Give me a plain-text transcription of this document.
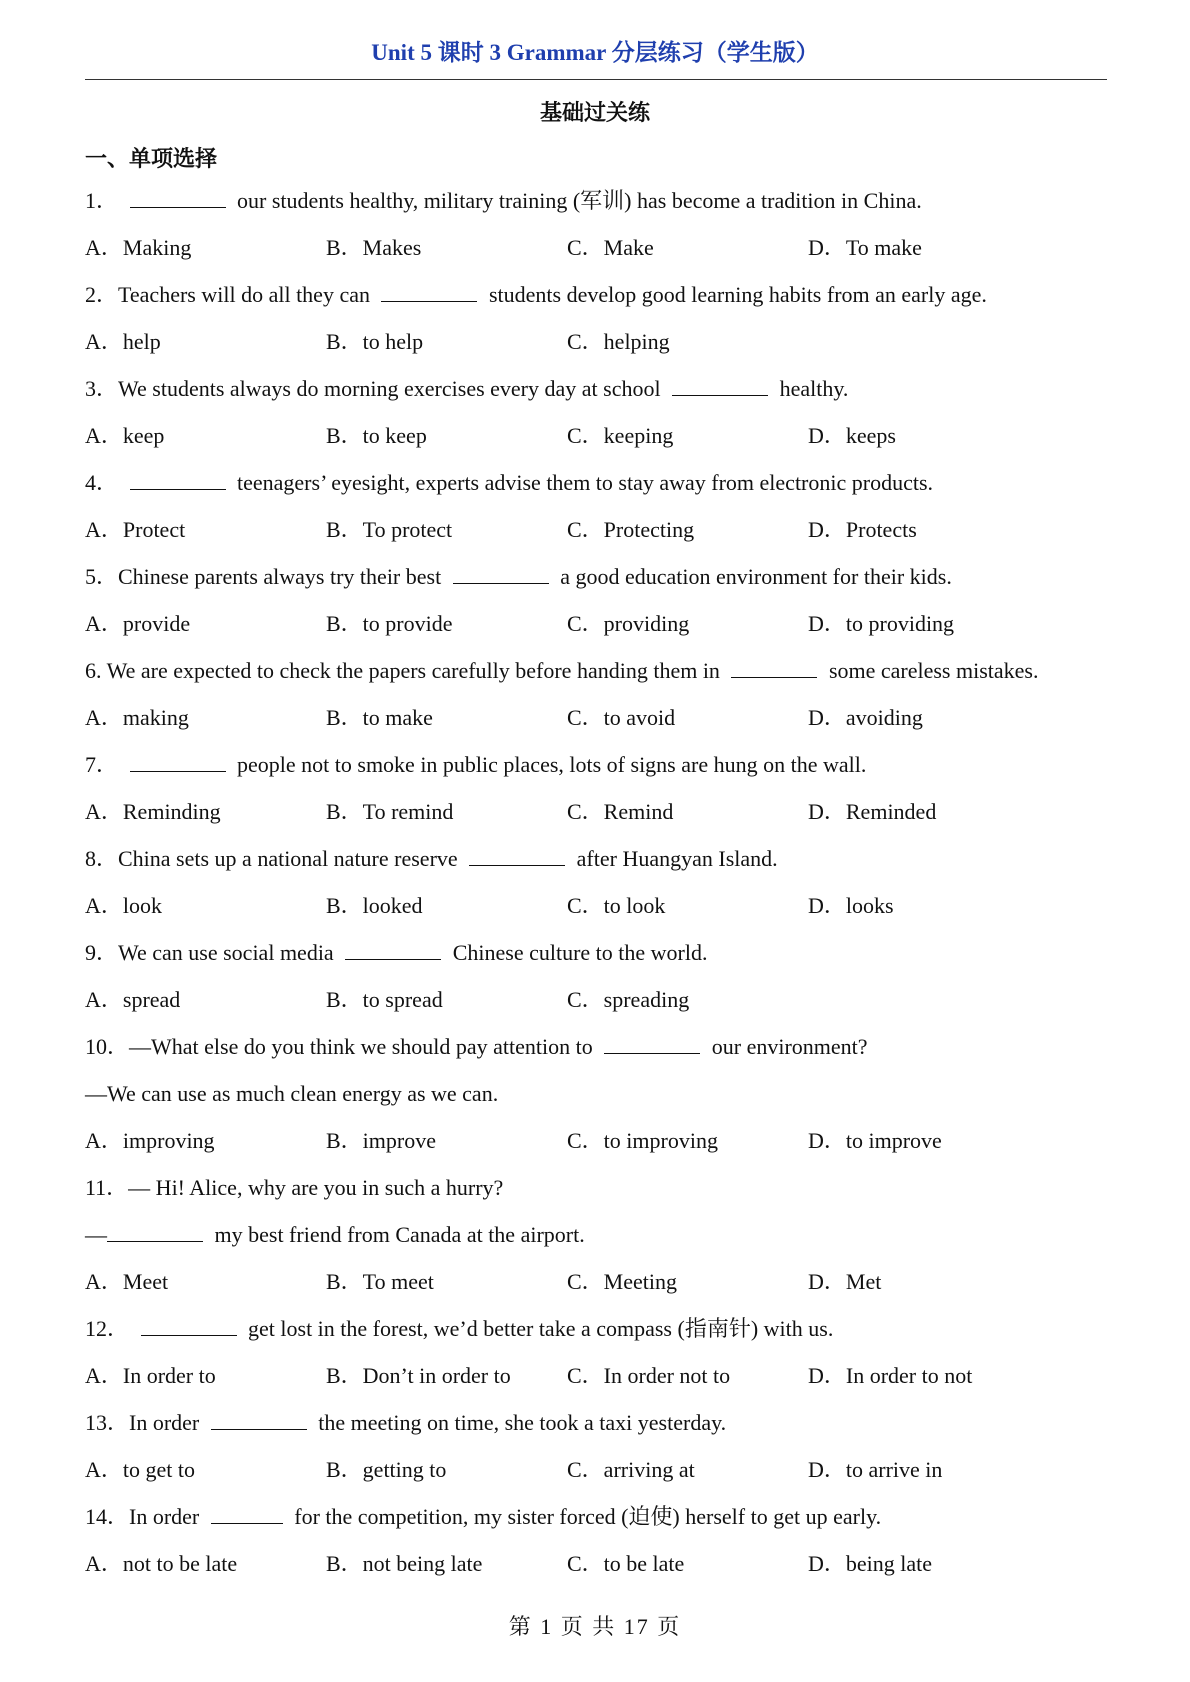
Unit 5 课时 3 Grammar 分层练习（学生版）
基础过关练
一、单项选择
1．	our students healthy, military training (军训) has become a tradition in China.
A．Making	B．Makes	C．Make	D．To make
2．Teachers will do all they can	students develop good learning habits from an early age.
A．help	B．to help	C．helping
3．We students always do morning exercises every day at school	healthy.
A．keep	B．to keep	C．keeping	D．keeps
4．	teenagers’ eyesight, experts advise them to stay away from electronic products.
A．Protect	B．To protect	C．Protecting	D．Protects
5．Chinese parents always try their best	a good education environment for their kids.
A．provide	B．to provide	C．providing	D．to providing
6. We are expected to check the papers carefully before handing them in	some careless mistakes.
A．making	B．to make	C．to avoid	D．avoiding
7．	people not to smoke in public places, lots of signs are hung on the wall.
A．Reminding	B．To remind	C．Remind	D．Reminded
8．China sets up a national nature reserve	after Huangyan Island.
A．look	B．looked	C．to look	D．looks
9．We can use social media	Chinese culture to the world.
A．spread	B．to spread	C．spreading
10．—What else do you think we should pay attention to	our environment?
—We can use as much clean energy as we can.
A．improving	B．improve	C．to improving	D．to improve
11．— Hi! Alice, why are you in such a hurry?
—	my best friend from Canada at the airport.
A．Meet	B．To meet	C．Meeting	D．Met
12．	get lost in the forest, we’d better take a compass (指南针) with us.
A．In order to	B．Don’t in order to	C．In order not to	D．In order to not
13．In order	the meeting on time, she took a taxi yesterday.
A．to get to	B．getting to	C．arriving at	D．to arrive in
14．In order	for the competition, my sister forced (迫使) herself to get up early.
A．not to be late	B．not being late	C．to be late	D．being late
第 1 页 共 17 页
